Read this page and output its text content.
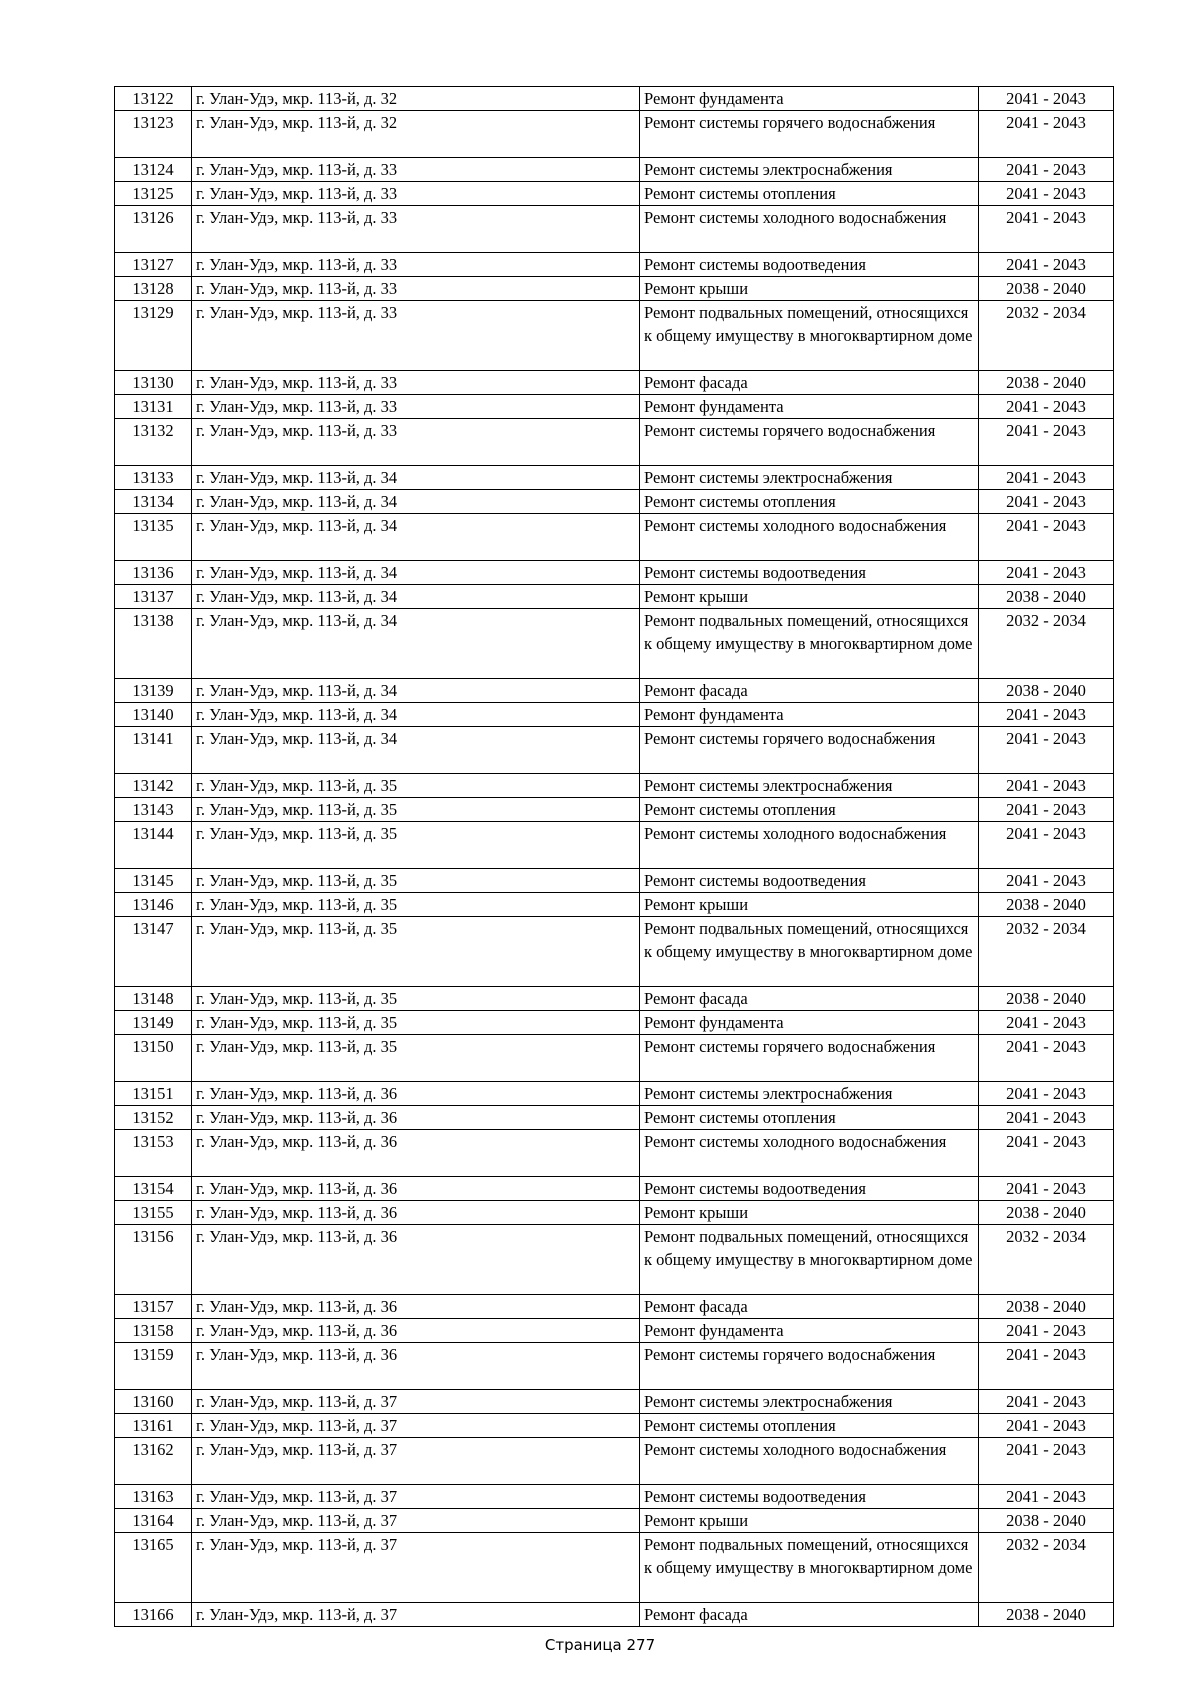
13122	г. Улан-Удэ, мкр. 113-й, д. 32	Ремонт фундамента	2041 - 2043
13123	г. Улан-Удэ, мкр. 113-й, д. 32	Ремонт системы горячего водоснабжения	2041 - 2043
13124	г. Улан-Удэ, мкр. 113-й, д. 33	Ремонт системы электроснабжения	2041 - 2043
13125	г. Улан-Удэ, мкр. 113-й, д. 33	Ремонт системы отопления	2041 - 2043
13126	г. Улан-Удэ, мкр. 113-й, д. 33	Ремонт системы холодного водоснабжения	2041 - 2043
13127	г. Улан-Удэ, мкр. 113-й, д. 33	Ремонт системы водоотведения	2041 - 2043
13128	г. Улан-Удэ, мкр. 113-й, д. 33	Ремонт крыши	2038 - 2040
13129	г. Улан-Удэ, мкр. 113-й, д. 33	Ремонт подвальных помещений, относящихся к общему имуществу в многоквартирном доме	2032 - 2034
13130	г. Улан-Удэ, мкр. 113-й, д. 33	Ремонт фасада	2038 - 2040
13131	г. Улан-Удэ, мкр. 113-й, д. 33	Ремонт фундамента	2041 - 2043
13132	г. Улан-Удэ, мкр. 113-й, д. 33	Ремонт системы горячего водоснабжения	2041 - 2043
13133	г. Улан-Удэ, мкр. 113-й, д. 34	Ремонт системы электроснабжения	2041 - 2043
13134	г. Улан-Удэ, мкр. 113-й, д. 34	Ремонт системы отопления	2041 - 2043
13135	г. Улан-Удэ, мкр. 113-й, д. 34	Ремонт системы холодного водоснабжения	2041 - 2043
13136	г. Улан-Удэ, мкр. 113-й, д. 34	Ремонт системы водоотведения	2041 - 2043
13137	г. Улан-Удэ, мкр. 113-й, д. 34	Ремонт крыши	2038 - 2040
13138	г. Улан-Удэ, мкр. 113-й, д. 34	Ремонт подвальных помещений, относящихся к общему имуществу в многоквартирном доме	2032 - 2034
13139	г. Улан-Удэ, мкр. 113-й, д. 34	Ремонт фасада	2038 - 2040
13140	г. Улан-Удэ, мкр. 113-й, д. 34	Ремонт фундамента	2041 - 2043
13141	г. Улан-Удэ, мкр. 113-й, д. 34	Ремонт системы горячего водоснабжения	2041 - 2043
13142	г. Улан-Удэ, мкр. 113-й, д. 35	Ремонт системы электроснабжения	2041 - 2043
13143	г. Улан-Удэ, мкр. 113-й, д. 35	Ремонт системы отопления	2041 - 2043
13144	г. Улан-Удэ, мкр. 113-й, д. 35	Ремонт системы холодного водоснабжения	2041 - 2043
13145	г. Улан-Удэ, мкр. 113-й, д. 35	Ремонт системы водоотведения	2041 - 2043
13146	г. Улан-Удэ, мкр. 113-й, д. 35	Ремонт крыши	2038 - 2040
13147	г. Улан-Удэ, мкр. 113-й, д. 35	Ремонт подвальных помещений, относящихся к общему имуществу в многоквартирном доме	2032 - 2034
13148	г. Улан-Удэ, мкр. 113-й, д. 35	Ремонт фасада	2038 - 2040
13149	г. Улан-Удэ, мкр. 113-й, д. 35	Ремонт фундамента	2041 - 2043
13150	г. Улан-Удэ, мкр. 113-й, д. 35	Ремонт системы горячего водоснабжения	2041 - 2043
13151	г. Улан-Удэ, мкр. 113-й, д. 36	Ремонт системы электроснабжения	2041 - 2043
13152	г. Улан-Удэ, мкр. 113-й, д. 36	Ремонт системы отопления	2041 - 2043
13153	г. Улан-Удэ, мкр. 113-й, д. 36	Ремонт системы холодного водоснабжения	2041 - 2043
13154	г. Улан-Удэ, мкр. 113-й, д. 36	Ремонт системы водоотведения	2041 - 2043
13155	г. Улан-Удэ, мкр. 113-й, д. 36	Ремонт крыши	2038 - 2040
13156	г. Улан-Удэ, мкр. 113-й, д. 36	Ремонт подвальных помещений, относящихся к общему имуществу в многоквартирном доме	2032 - 2034
13157	г. Улан-Удэ, мкр. 113-й, д. 36	Ремонт фасада	2038 - 2040
13158	г. Улан-Удэ, мкр. 113-й, д. 36	Ремонт фундамента	2041 - 2043
13159	г. Улан-Удэ, мкр. 113-й, д. 36	Ремонт системы горячего водоснабжения	2041 - 2043
13160	г. Улан-Удэ, мкр. 113-й, д. 37	Ремонт системы электроснабжения	2041 - 2043
13161	г. Улан-Удэ, мкр. 113-й, д. 37	Ремонт системы отопления	2041 - 2043
13162	г. Улан-Удэ, мкр. 113-й, д. 37	Ремонт системы холодного водоснабжения	2041 - 2043
13163	г. Улан-Удэ, мкр. 113-й, д. 37	Ремонт системы водоотведения	2041 - 2043
13164	г. Улан-Удэ, мкр. 113-й, д. 37	Ремонт крыши	2038 - 2040
13165	г. Улан-Удэ, мкр. 113-й, д. 37	Ремонт подвальных помещений, относящихся к общему имуществу в многоквартирном доме	2032 - 2034
13166	г. Улан-Удэ, мкр. 113-й, д. 37	Ремонт фасада	2038 - 2040
Страница 277
